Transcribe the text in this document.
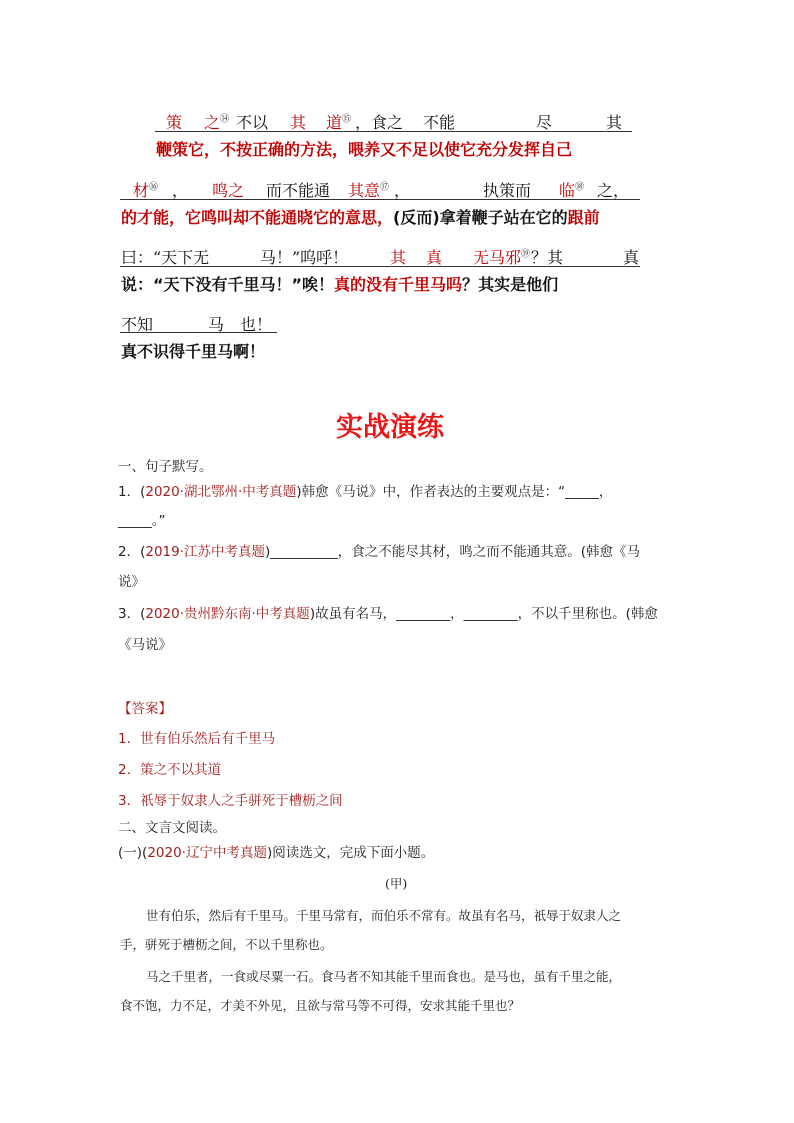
策 之⑭ 不以 其 道⑮ ，食之 不能	尽	其
鞭策它，不按正确的方法，喂养又不足以使它充分发挥自己
材⑯ ， 鸣之 而不能通 其意⑰ ，	执策而 临⑱ 之，
的才能，它鸣叫却不能通晓它的意思，(反而)拿着鞭子站在它的跟前
曰：“天下无	马！”呜呼！	其 真 无马邪⑲ ？其	真
说：“天下没有千里马！”唉！真的没有千里马吗？其实是他们
不知	马 也！
真不识得千里马啊！
实战演练
一、句子默写。
1．(2020·湖北鄂州·中考真题)韩愈《马说》中，作者表达的主要观点是：“_____，
_____。”
2．(2019·江苏中考真题)__________，食之不能尽其材，鸣之而不能通其意。(韩愈《马
说》
3．(2020·贵州黔东南·中考真题)故虽有名马，________，________，不以千里称也。(韩愈
《马说》
【答案】
1．世有伯乐然后有千里马
2．策之不以其道
3．祇辱于奴隶人之手骈死于槽枥之间
二、文言文阅读。
(一)(2020·辽宁中考真题)阅读选文，完成下面小题。
(甲)
世有伯乐，然后有千里马。千里马常有，而伯乐不常有。故虽有名马，祇辱于奴隶人之
手，骈死于槽枥之间，不以千里称也。
马之千里者，一食或尽粟一石。食马者不知其能千里而食也。是马也，虽有千里之能，
食不饱，力不足，才美不外见，且欲与常马等不可得，安求其能千里也？
